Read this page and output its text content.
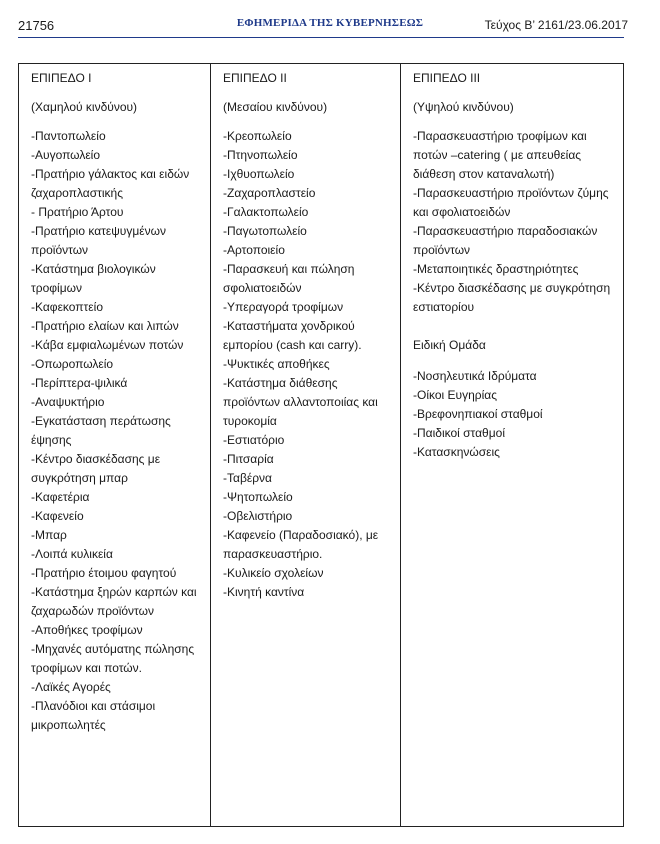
21756	ΕΦΗΜΕΡΙΔΑ ΤΗΣ ΚΥΒΕΡΝΗΣΕΩΣ	Τεύχος Β’ 2161/23.06.2017

ΕΠΙΠΕΔΟ Ι

(Χαμηλού κινδύνου)

-Παντοπωλείο
-Αυγοπωλείο
-Πρατήριο γάλακτος και ειδών ζαχαροπλαστικής
- Πρατήριο Άρτου
-Πρατήριο κατεψυγμένων προϊόντων
-Κατάστημα βιολογικών τροφίμων
-Καφεκοπτείο
-Πρατήριο ελαίων και λιπών
-Κάβα εμφιαλωμένων ποτών
-Οπωροπωλείο
-Περίπτερα-ψιλικά
-Αναψυκτήριο
-Εγκατάσταση περάτωσης έψησης
-Κέντρο διασκέδασης με συγκρότηση μπαρ
-Καφετέρια
-Καφενείο
-Μπαρ
-Λοιπά κυλικεία
-Πρατήριο έτοιμου φαγητού
-Κατάστημα ξηρών καρπών και ζαχαρωδών προϊόντων
-Αποθήκες τροφίμων
-Μηχανές αυτόματης πώλησης τροφίμων και ποτών.
-Λαϊκές Αγορές
-Πλανόδιοι και στάσιμοι μικροπωλητές

ΕΠΙΠΕΔΟ ΙΙ

(Μεσαίου κινδύνου)

-Κρεοπωλείο
-Πτηνοπωλείο
-Ιχθυοπωλείο
-Ζαχαροπλαστείο
-Γαλακτοπωλείο
-Παγωτοπωλείο
-Αρτοποιείο
-Παρασκευή και πώληση σφολιατοειδών
-Υπεραγορά τροφίμων
-Καταστήματα χονδρικού εμπορίου (cash και carry).
-Ψυκτικές αποθήκες
-Κατάστημα διάθεσης προϊόντων αλλαντοποιίας και τυροκομία
-Εστιατόριο
-Πιτσαρία
-Ταβέρνα
-Ψητοπωλείο
-Οβελιστήριο
-Καφενείο (Παραδοσιακό), με παρασκευαστήριο.
-Κυλικείο σχολείων
-Κινητή καντίνα

ΕΠΙΠΕΔΟ ΙΙΙ

(Υψηλού κινδύνου)

-Παρασκευαστήριο τροφίμων και ποτών –catering ( με απευθείας διάθεση στον καταναλωτή)
-Παρασκευαστήριο προϊόντων ζύμης και σφολιατοειδών
-Παρασκευαστήριο παραδοσιακών προϊόντων
-Μεταποιητικές δραστηριότητες
-Κέντρο διασκέδασης με συγκρότηση εστιατορίου

Ειδική Ομάδα

-Νοσηλευτικά Ιδρύματα
-Οίκοι Ευγηρίας
-Βρεφονηπιακοί σταθμοί
-Παιδικοί σταθμοί
-Κατασκηνώσεις
